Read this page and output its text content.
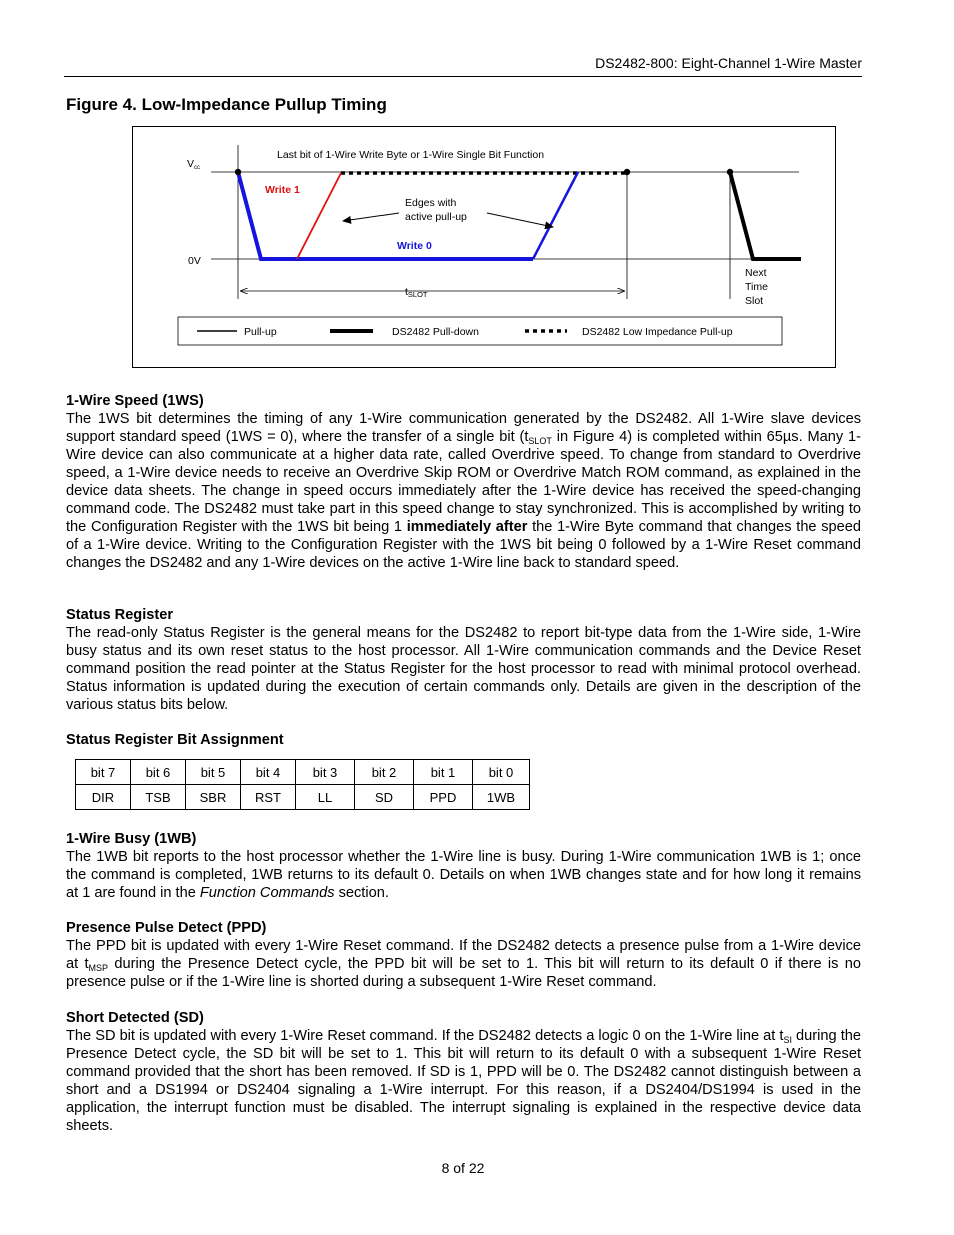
DS2482-800: Eight-Channel 1-Wire Master
Figure 4. Low-Impedance Pullup Timing
Vcc
0V
Last bit of 1-Wire Write Byte or 1-Wire Single Bit Function
Write 1
Write 0
Edges with
active pull-up
tSLOT
Next
Time
Slot
Pull-up	DS2482 Pull-down	DS2482 Low Impedance Pull-up
1-Wire Speed (1WS)

The 1WS bit determines the timing of any 1-Wire communication generated by the DS2482. All 1-Wire slave devices support standard speed (1WS = 0), where the transfer of a single bit ($t_{SLOT}$ in Figure 4) is completed within 65µs. Many 1-Wire device can also communicate at a higher data rate, called Overdrive speed. To change from standard to Overdrive speed, a 1-Wire device needs to receive an Overdrive Skip ROM or Overdrive Match ROM command, as explained in the device data sheets. The change in speed occurs immediately after the 1-Wire device has received the speed-changing command code. The DS2482 must take part in this speed change to stay synchronized. This is accomplished by writing to the Configuration Register with the 1WS bit being 1 immediately after the 1-Wire Byte command that changes the speed of a 1-Wire device. Writing to the Configuration Register with the 1WS bit being 0 followed by a 1-Wire Reset command changes the DS2482 and any 1-Wire devices on the active 1-Wire line back to standard speed.

Status Register

The read-only Status Register is the general means for the DS2482 to report bit-type data from the 1-Wire side, 1-Wire busy status and its own reset status to the host processor. All 1-Wire communication commands and the Device Reset command position the read pointer at the Status Register for the host processor to read with minimal protocol overhead. Status information is updated during the execution of certain commands only. Details are given in the description of the various status bits below.

Status Register Bit Assignment
bit 7	bit 6	bit 5	bit 4	bit 3	bit 2	bit 1	bit 0
DIR	TSB	SBR	RST	LL	SD	PPD	1WB
1-Wire Busy (1WB)

The 1WB bit reports to the host processor whether the 1-Wire line is busy. During 1-Wire communication 1WB is 1; once the command is completed, 1WB returns to its default 0. Details on when 1WB changes state and for how long it remains at 1 are found in the Function Commands section.

Presence Pulse Detect (PPD)

The PPD bit is updated with every 1-Wire Reset command. If the DS2482 detects a presence pulse from a 1-Wire device at $t_{MSP}$ during the Presence Detect cycle, the PPD bit will be set to 1. This bit will return to its default 0 if there is no presence pulse or if the 1-Wire line is shorted during a subsequent 1-Wire Reset command.

Short Detected (SD)

The SD bit is updated with every 1-Wire Reset command. If the DS2482 detects a logic 0 on the 1-Wire line at $t_{SI}$ during the Presence Detect cycle, the SD bit will be set to 1. This bit will return to its default 0 with a subsequent 1-Wire Reset command provided that the short has been removed. If SD is 1, PPD will be 0. The DS2482 cannot distinguish between a short and a DS1994 or DS2404 signaling a 1-Wire interrupt. For this reason, if a DS2404/DS1994 is used in the application, the interrupt function must be disabled. The interrupt signaling is explained in the respective device data sheets.

8 of 22
